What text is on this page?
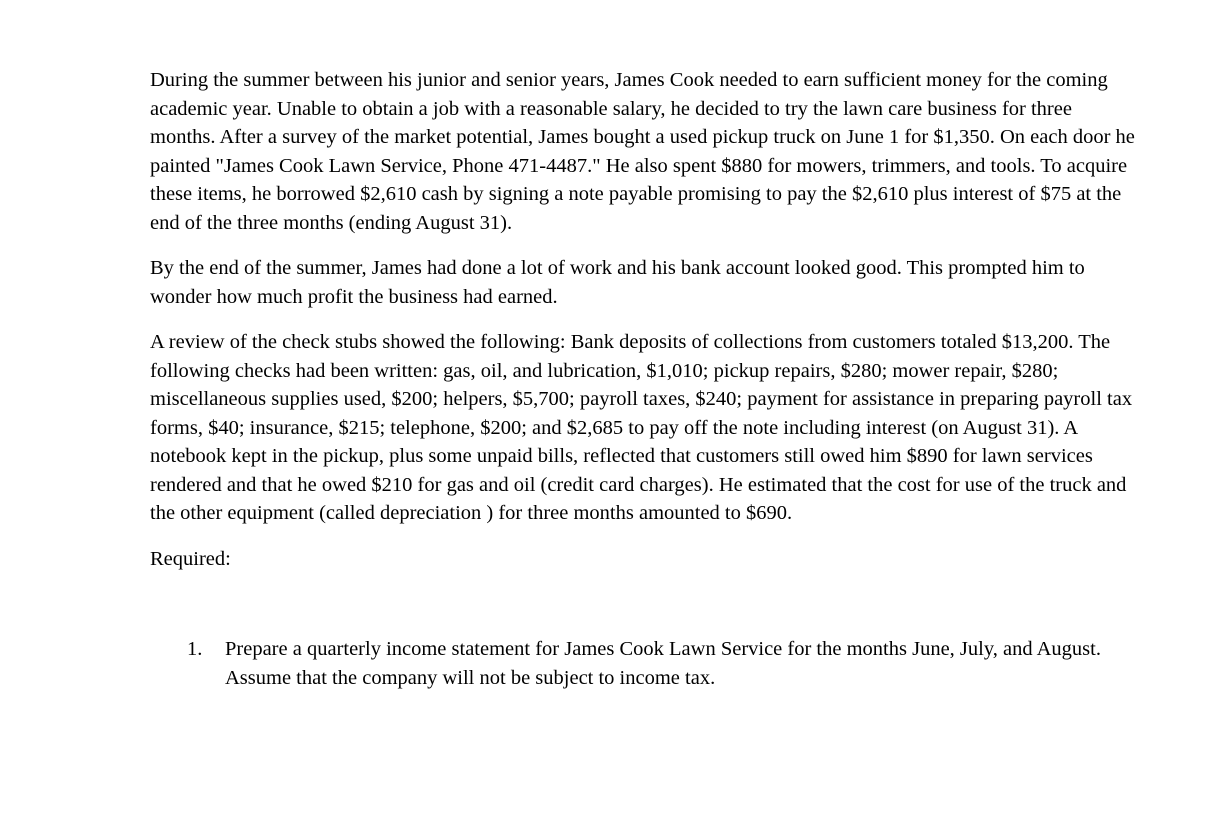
During the summer between his junior and senior years, James Cook needed to earn sufficient money for the coming academic year. Unable to obtain a job with a reasonable salary, he decided to try the lawn care business for three months. After a survey of the market potential, James bought a used pickup truck on June 1 for $1,350. On each door he painted "James Cook Lawn Service, Phone 471-4487." He also spent $880 for mowers, trimmers, and tools. To acquire these items, he borrowed $2,610 cash by signing a note payable promising to pay the $2,610 plus interest of $75 at the end of the three months (ending August 31).

By the end of the summer, James had done a lot of work and his bank account looked good. This prompted him to wonder how much profit the business had earned.

A review of the check stubs showed the following: Bank deposits of collections from customers totaled $13,200. The following checks had been written: gas, oil, and lubrication, $1,010; pickup repairs, $280; mower repair, $280; miscellaneous supplies used, $200; helpers, $5,700; payroll taxes, $240; payment for assistance in preparing payroll tax forms, $40; insurance, $215; telephone, $200; and $2,685 to pay off the note including interest (on August 31). A notebook kept in the pickup, plus some unpaid bills, reflected that customers still owed him $890 for lawn services rendered and that he owed $210 for gas and oil (credit card charges). He estimated that the cost for use of the truck and the other equipment (called depreciation ) for three months amounted to $690.

Required:

1. Prepare a quarterly income statement for James Cook Lawn Service for the months June, July, and August. Assume that the company will not be subject to income tax.
